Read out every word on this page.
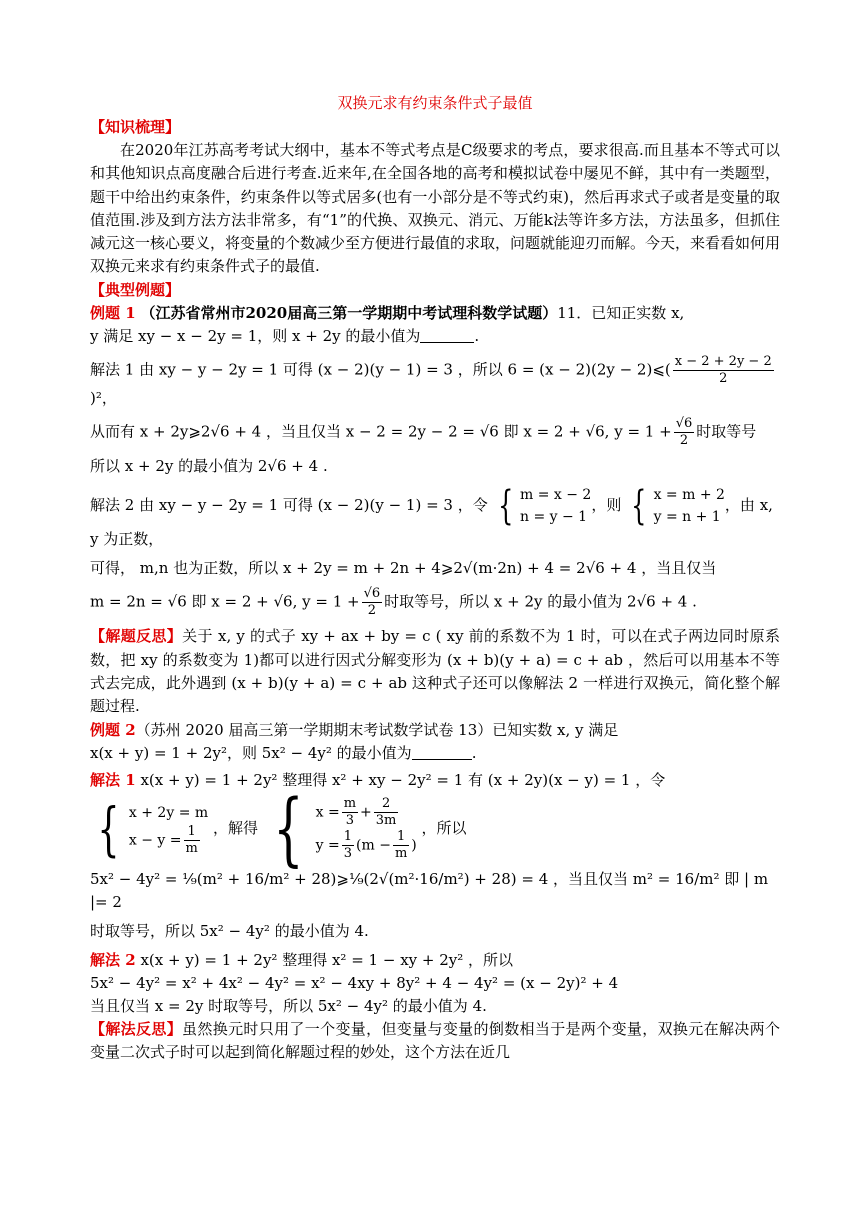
双换元求有约束条件式子最值
【知识梳理】

在2020年江苏高考考试大纲中，基本不等式考点是C级要求的考点，要求很高.而且基本不等式可以和其他知识点高度融合后进行考查.近来年,在全国各地的高考和模拟试卷中屡见不鲜，其中有一类题型，题干中给出约束条件，约束条件以等式居多(也有一小部分是不等式约束)，然后再求式子或者是变量的取值范围.涉及到方法方法非常多，有“1”的代换、双换元、消元、万能k法等许多方法，方法虽多，但抓住减元这一核心要义，将变量的个数减少至方便进行最值的求取，问题就能迎刃而解。今天，来看看如何用双换元来求有约束条件式子的最值.

【典型例题】

例题 1 （江苏省常州市2020届高三第一学期期中考试理科数学试题）11．已知正实数 x,
y 满足 xy − x − 2y = 1，则 x + 2y 的最小值为	.

解法 1 由 xy − y − 2y = 1 可得 (x − 2)(y − 1) = 3 ，所以 6 = (x − 2)(2y − 2)⩽( $\frac{x - 2 + 2y - 2}{2}$
)²，
从而有 x + 2y⩾2√6 + 4 ，当且仅当 x − 2 = 2y − 2 = √6 即 x = 2 + √6, $y = 1 + \frac{√6}{2}$ 时取等号
所以 x + 2y 的最小值为 2√6 + 4 .
解法 2 由 xy − y − 2y = 1 可得 (x − 2)(y − 1) = 3 ，令 { m = x − 2
n = y − 1，则 { x = m + 2
y = n + 1，由 x, y 为正数，
可得， m,n 也为正数，所以 x + 2y = m + 2n + 4⩾2√(m·2n) + 4 = 2√6 + 4 ，当且仅当
m = 2n = √6 即 x = 2 + √6, $y = 1 + \frac{√6}{2}$ 时取等号，所以 x + 2y 的最小值为 2√6 + 4 .

【解题反思】关于 x, y 的式子 xy + ax + by = c ( xy 前的系数不为 1 时，可以在式子两边同时原系数，把 xy 的系数变为 1)都可以进行因式分解变形为 (x + b)(y + a) = c + ab ，然后可以用基本不等式去完成，此外遇到 (x + b)(y + a) = c + ab 这种式子还可以像解法 2 一样进行双换元，简化整个解题过程.

例题 2（苏州 2020 届高三第一学期期末考试数学试卷 13）已知实数 x, y 满足
x(x + y) = 1 + 2y²，则 5x² − 4y² 的最小值为	.

解法 1 x(x + y) = 1 + 2y² 整理得 x² + xy − 2y² = 1 有 (x + 2y)(x − y) = 1 ，令
{ x + 2y = m
$x - y = \frac{1}{m}$ ，解得 { $x = \frac{m}{3} + \frac{2}{3m}$

$y = \frac{1}{3} (m - \frac{1}{m}$ ) ，所以
5x² − 4y² = ¹⁄₉(m² + 16/m² + 28)⩾¹⁄₉(2√(m²·16/m²) + 28) = 4 ，当且仅当 m² = 16/m² 即 | m |= 2
时取等号，所以 5x² − 4y² 的最小值为 4.
解法 2 x(x + y) = 1 + 2y² 整理得 x² = 1 − xy + 2y² ，所以
5x² − 4y² = x² + 4x² − 4y² = x² − 4xy + 8y² + 4 − 4y² = (x − 2y)² + 4
当且仅当 x = 2y 时取等号，所以 5x² − 4y² 的最小值为 4.

【解法反思】虽然换元时只用了一个变量，但变量与变量的倒数相当于是两个变量，双换元在解决两个变量二次式子时可以起到简化解题过程的妙处，这个方法在近几
